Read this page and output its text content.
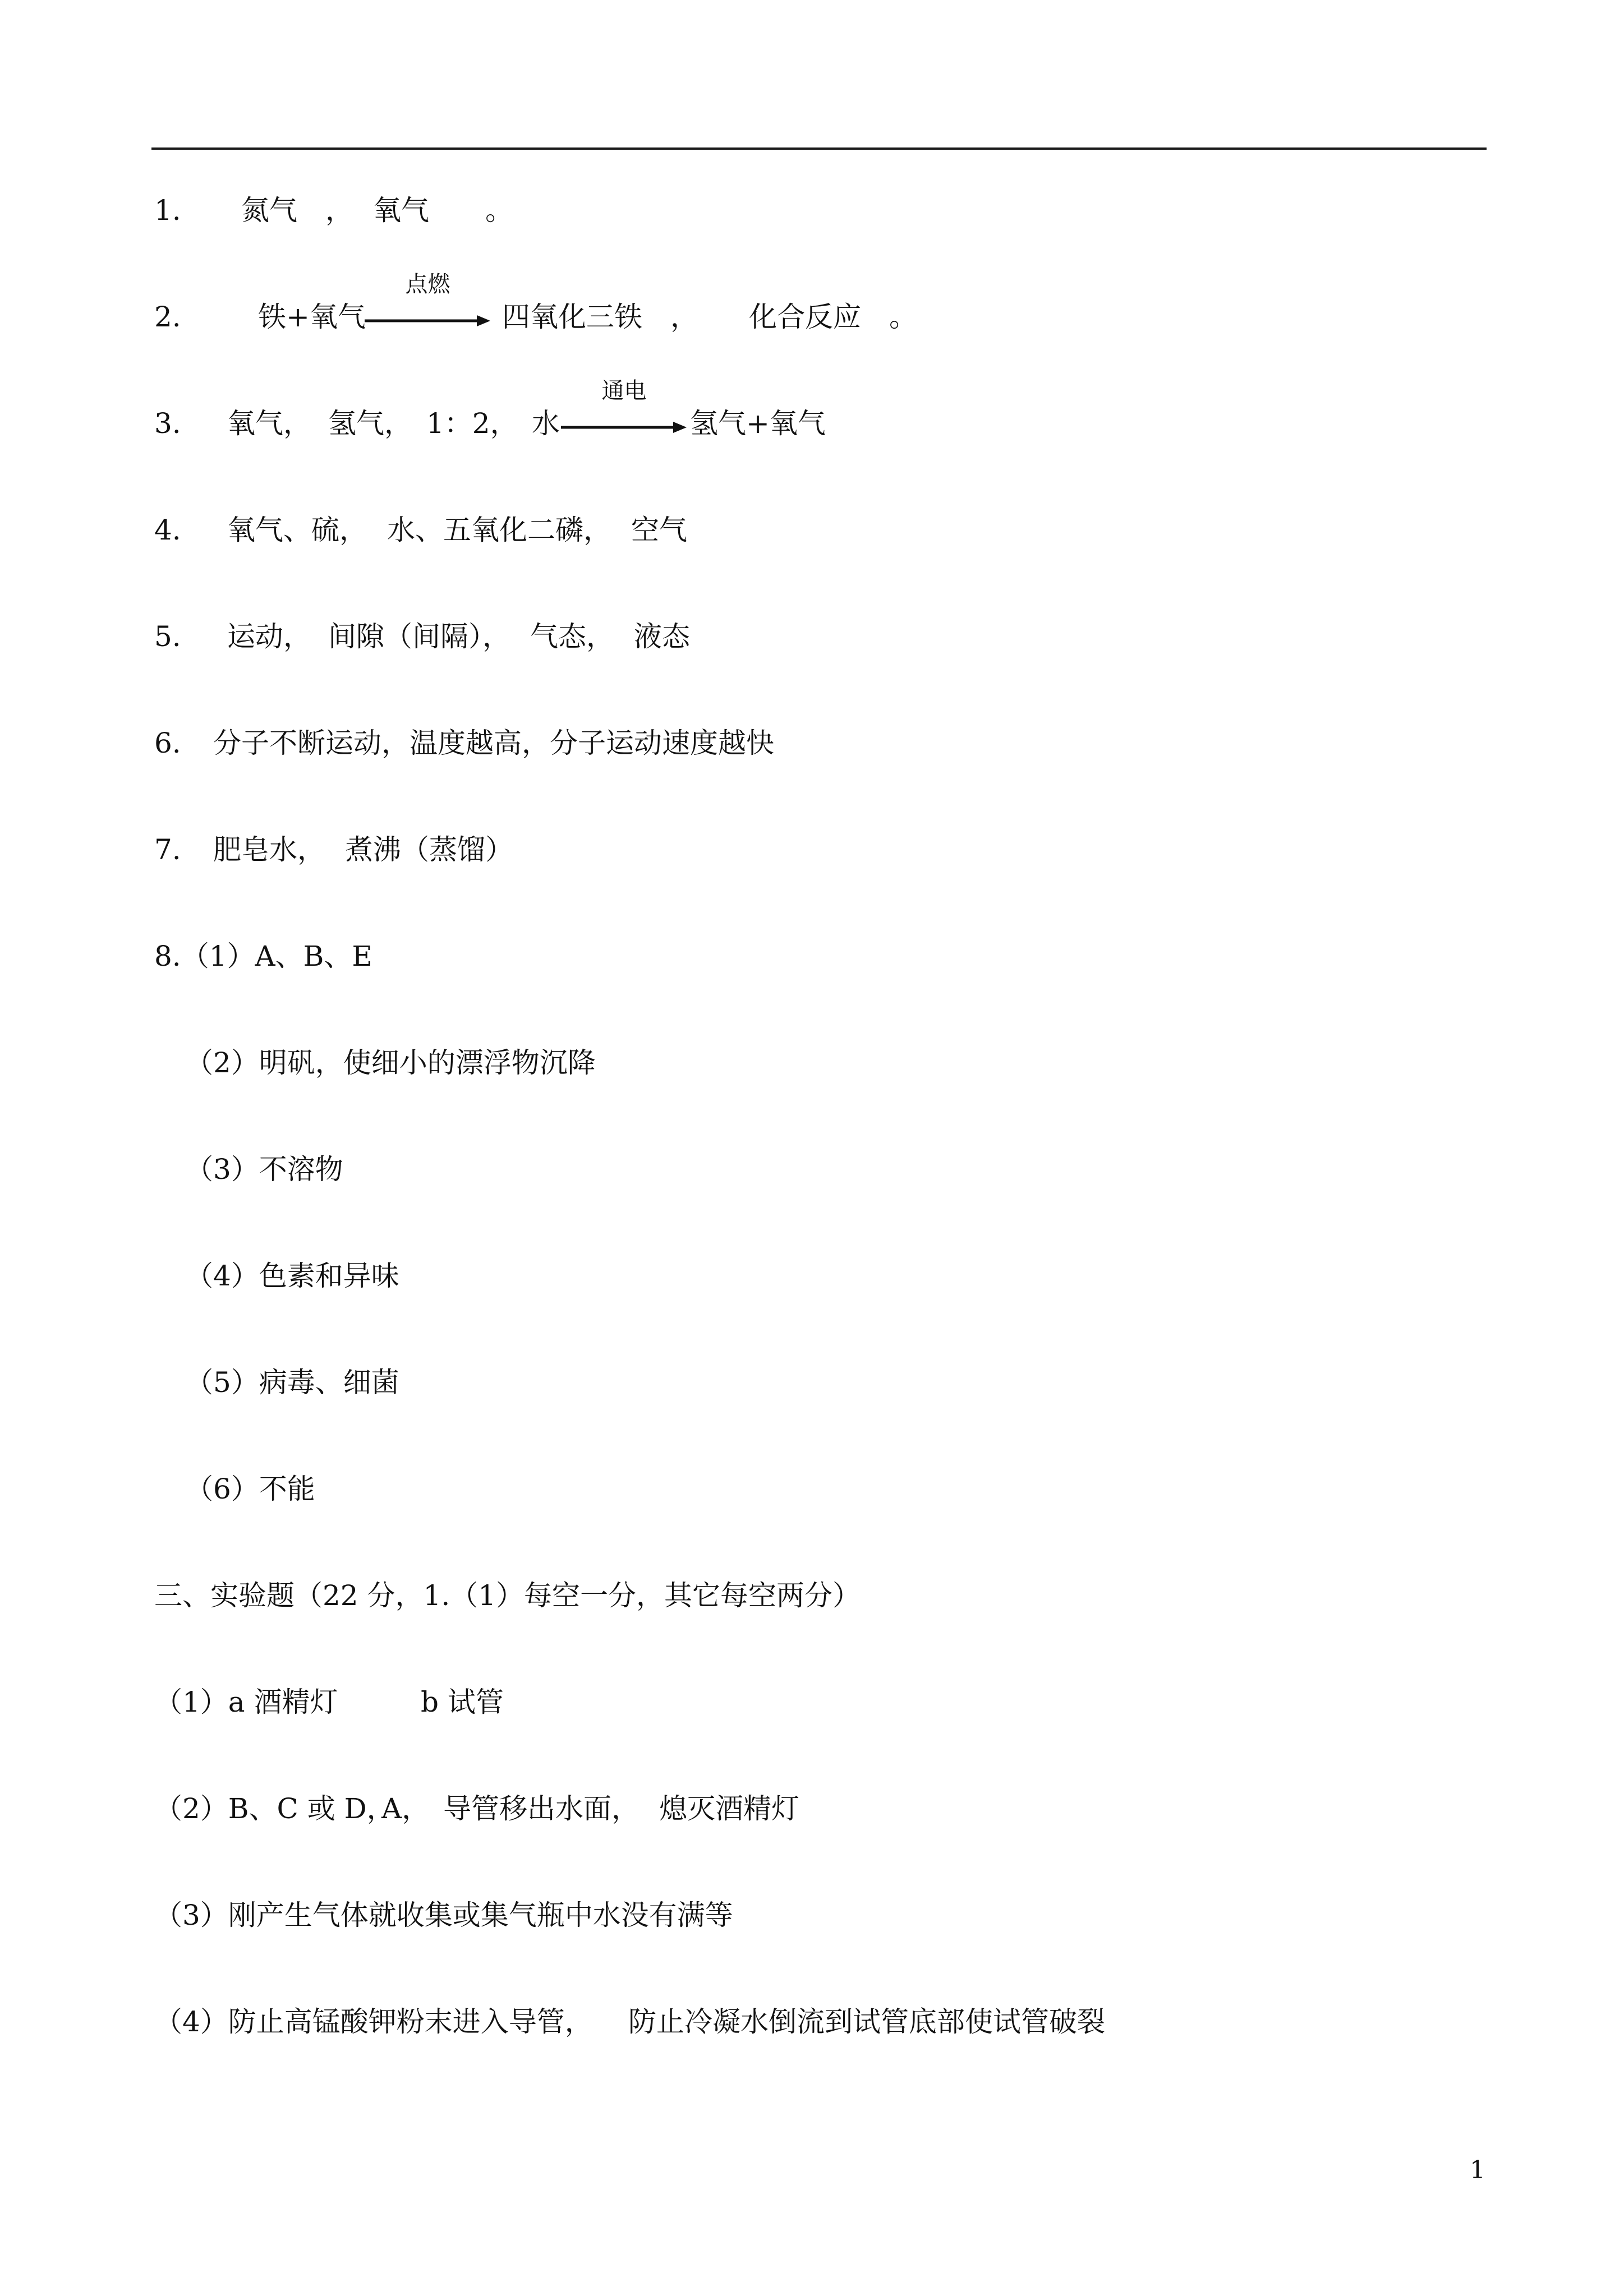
1. 氮气 ， 氧气 。
2.	铁+氧气
点燃
四氧化三铁 ， 化合反应 。
3. 氧气， 氢气， 1：2， 水
通电
氢气+氧气
4. 氧气、硫， 水、五氧化二磷， 空气
5. 运动， 间隙（间隔）， 气态， 液态
6. 分子不断运动，温度越高，分子运动速度越快
7. 肥皂水， 煮沸（蒸馏）
8.（1）A、B、E
（2）明矾，使细小的漂浮物沉降
（3）不溶物
（4）色素和异味
（5）病毒、细菌
（6）不能
三、实验题（22 分，1.（1）每空一分，其它每空两分）
（1）a 酒精灯	b 试管
（2）B、C 或 D，
A， 导管移出水面， 熄灭酒精灯
（3）刚产生气体就收集或集气瓶中水没有满等
（4）防止高锰酸钾粉末进入导管， 防止冷凝水倒流到试管底部使试管破裂
1
